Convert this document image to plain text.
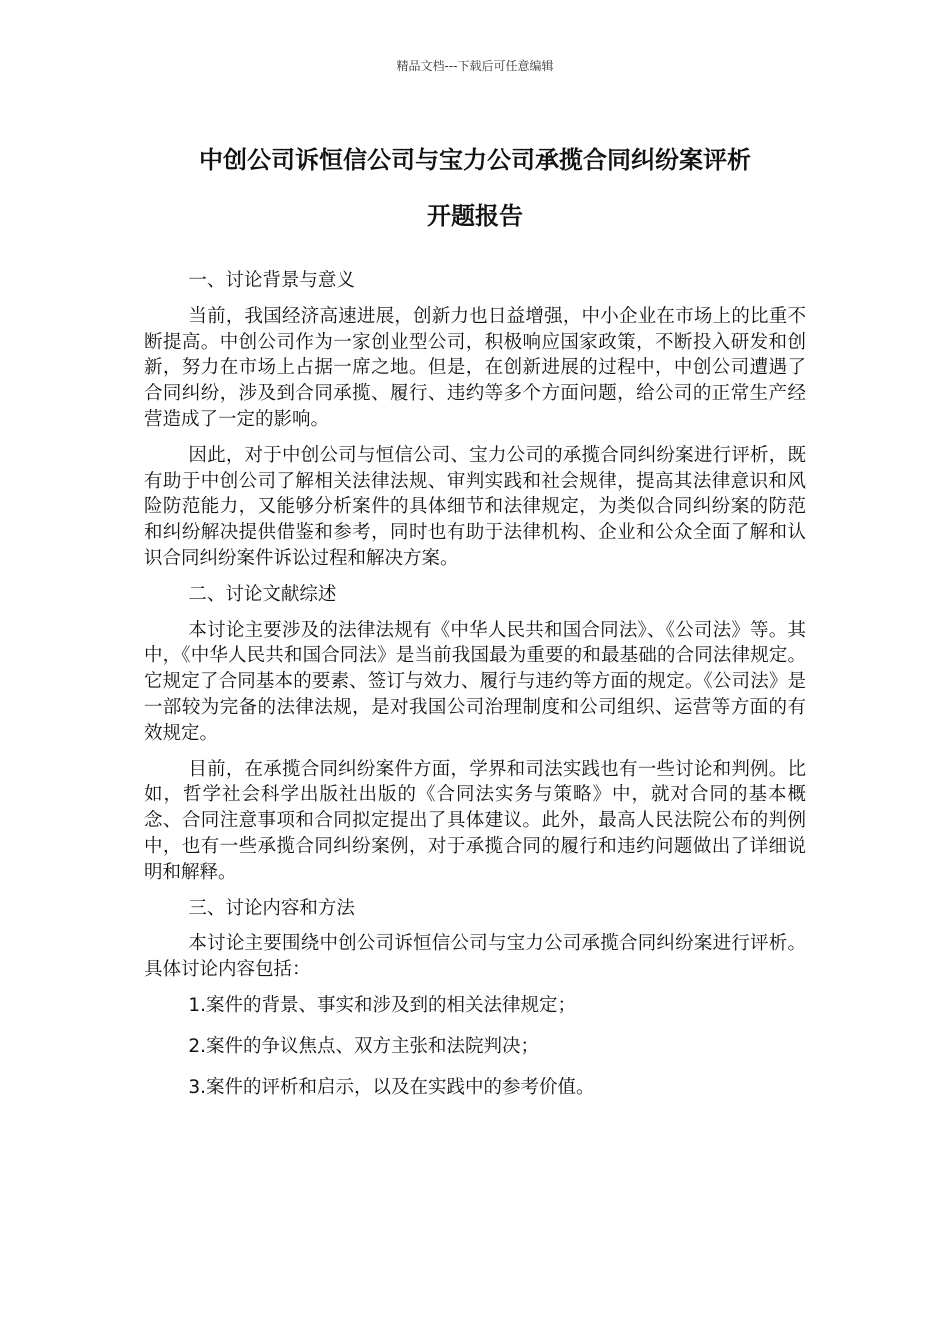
精品文档---下载后可任意编辑
中创公司诉恒信公司与宝力公司承揽合同纠纷案评析
开题报告

一、讨论背景与意义

当前，我国经济高速进展，创新力也日益增强，中小企业在市场上的比重不断提高。中创公司作为一家创业型公司，积极响应国家政策，不断投入研发和创新，努力在市场上占据一席之地。但是，在创新进展的过程中，中创公司遭遇了合同纠纷，涉及到合同承揽、履行、违约等多个方面问题，给公司的正常生产经营造成了一定的影响。

因此，对于中创公司与恒信公司、宝力公司的承揽合同纠纷案进行评析，既有助于中创公司了解相关法律法规、审判实践和社会规律，提高其法律意识和风险防范能力，又能够分析案件的具体细节和法律规定，为类似合同纠纷案的防范和纠纷解决提供借鉴和参考，同时也有助于法律机构、企业和公众全面了解和认识合同纠纷案件诉讼过程和解决方案。

二、讨论文献综述

本讨论主要涉及的法律法规有《中华人民共和国合同法》、《公司法》等。其中，《中华人民共和国合同法》是当前我国最为重要的和最基础的合同法律规定。它规定了合同基本的要素、签订与效力、履行与违约等方面的规定。《公司法》是一部较为完备的法律法规，是对我国公司治理制度和公司组织、运营等方面的有效规定。

目前，在承揽合同纠纷案件方面，学界和司法实践也有一些讨论和判例。比如，哲学社会科学出版社出版的《合同法实务与策略》中，就对合同的基本概念、合同注意事项和合同拟定提出了具体建议。此外，最高人民法院公布的判例中，也有一些承揽合同纠纷案例，对于承揽合同的履行和违约问题做出了详细说明和解释。

三、讨论内容和方法

本讨论主要围绕中创公司诉恒信公司与宝力公司承揽合同纠纷案进行评析。具体讨论内容包括：

1.案件的背景、事实和涉及到的相关法律规定；

2.案件的争议焦点、双方主张和法院判决；

3.案件的评析和启示，以及在实践中的参考价值。
